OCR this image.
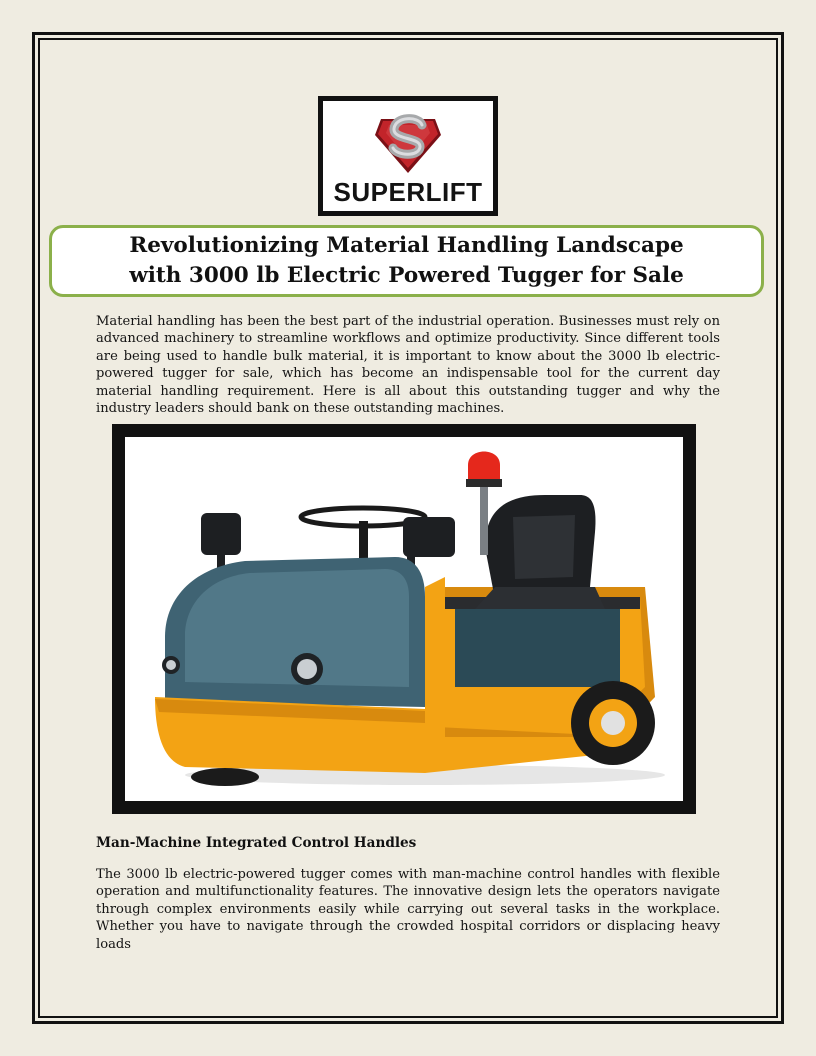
SUPERLIFT
Revolutionizing Material Handling Landscape
with 3000 lb Electric Powered Tugger for Sale

Material handling has been the best part of the industrial operation. Businesses must rely on advanced machinery to streamline workflows and optimize productivity. Since different tools are being used to handle bulk material, it is important to know about the 3000 lb electric- powered tugger for sale, which has become an indispensable tool for the current day material handling requirement. Here is all about this outstanding tugger and why the industry leaders should bank on these outstanding machines.

Man-Machine Integrated Control Handles

The 3000 lb electric-powered tugger comes with man-machine control handles with flexible operation and multifunctionality features. The innovative design lets the operators navigate through complex environments easily while carrying out several tasks in the workplace. Whether you have to navigate through the crowded hospital corridors or displacing heavy loads
